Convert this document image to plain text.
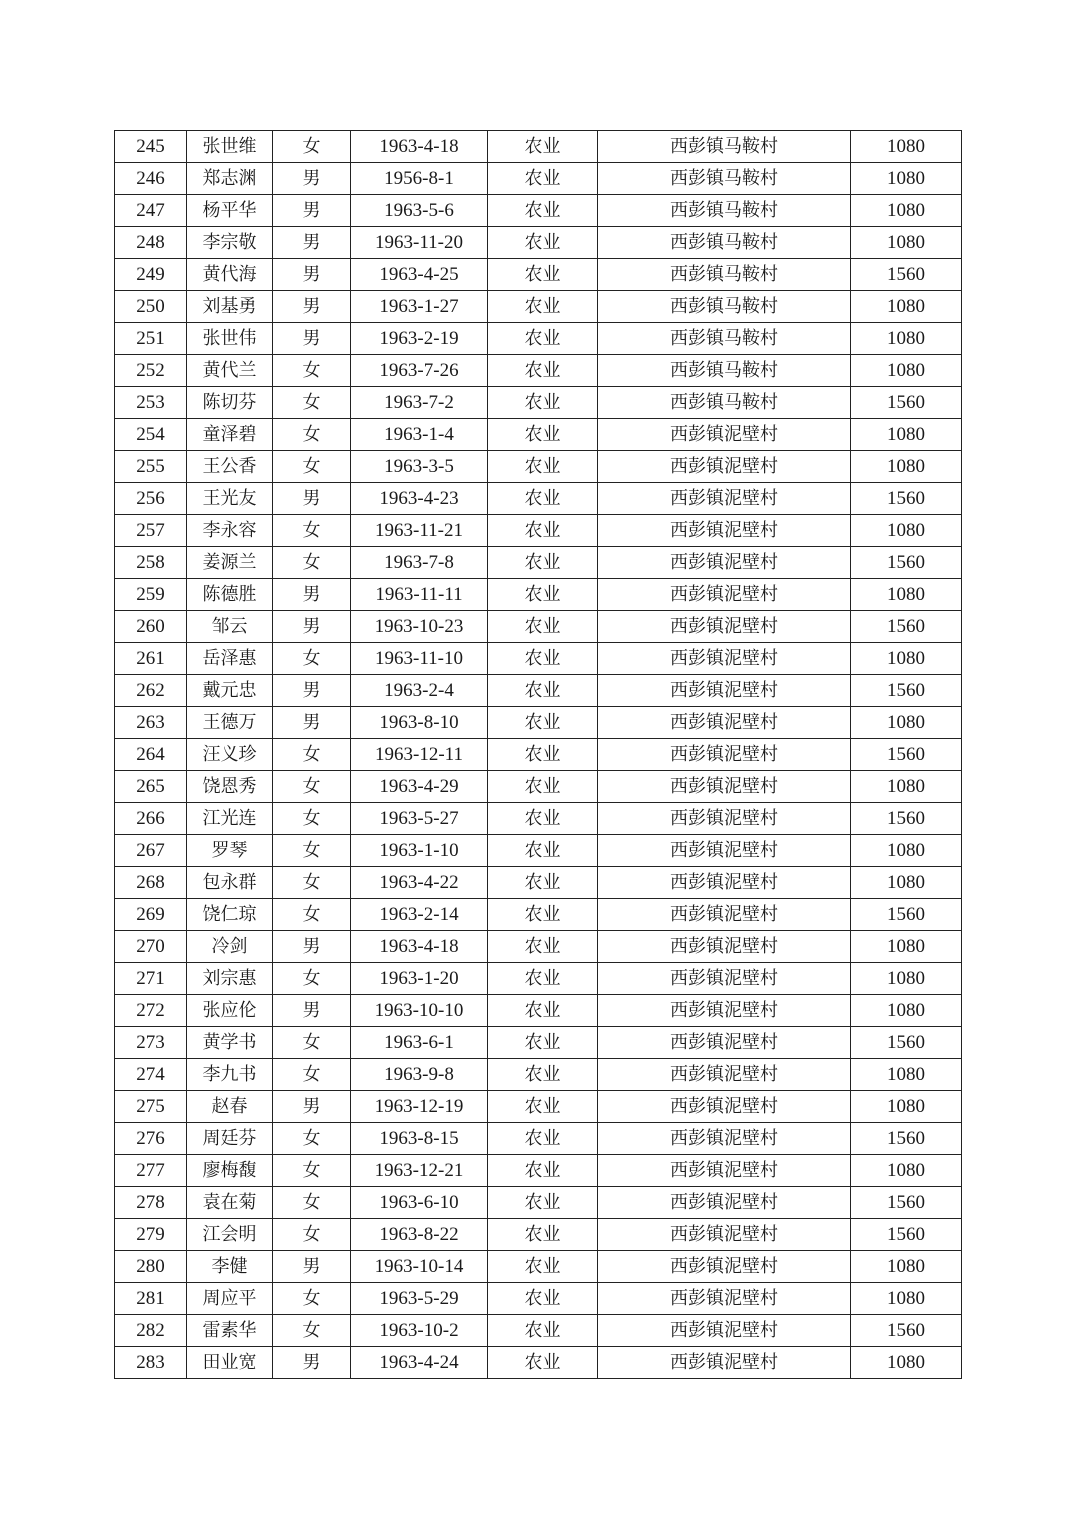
245	张世维	女	1963-4-18	农业	西彭镇马鞍村	1080
246	郑志渊	男	1956-8-1	农业	西彭镇马鞍村	1080
247	杨平华	男	1963-5-6	农业	西彭镇马鞍村	1080
248	李宗敬	男	1963-11-20	农业	西彭镇马鞍村	1080
249	黄代海	男	1963-4-25	农业	西彭镇马鞍村	1560
250	刘基勇	男	1963-1-27	农业	西彭镇马鞍村	1080
251	张世伟	男	1963-2-19	农业	西彭镇马鞍村	1080
252	黄代兰	女	1963-7-26	农业	西彭镇马鞍村	1080
253	陈切芬	女	1963-7-2	农业	西彭镇马鞍村	1560
254	童泽碧	女	1963-1-4	农业	西彭镇泥壁村	1080
255	王公香	女	1963-3-5	农业	西彭镇泥壁村	1080
256	王光友	男	1963-4-23	农业	西彭镇泥壁村	1560
257	李永容	女	1963-11-21	农业	西彭镇泥壁村	1080
258	姜源兰	女	1963-7-8	农业	西彭镇泥壁村	1560
259	陈德胜	男	1963-11-11	农业	西彭镇泥壁村	1080
260	邹云	男	1963-10-23	农业	西彭镇泥壁村	1560
261	岳泽惠	女	1963-11-10	农业	西彭镇泥壁村	1080
262	戴元忠	男	1963-2-4	农业	西彭镇泥壁村	1560
263	王德万	男	1963-8-10	农业	西彭镇泥壁村	1080
264	汪义珍	女	1963-12-11	农业	西彭镇泥壁村	1560
265	饶恩秀	女	1963-4-29	农业	西彭镇泥壁村	1080
266	江光连	女	1963-5-27	农业	西彭镇泥壁村	1560
267	罗琴	女	1963-1-10	农业	西彭镇泥壁村	1080
268	包永群	女	1963-4-22	农业	西彭镇泥壁村	1080
269	饶仁琼	女	1963-2-14	农业	西彭镇泥壁村	1560
270	冷剑	男	1963-4-18	农业	西彭镇泥壁村	1080
271	刘宗惠	女	1963-1-20	农业	西彭镇泥壁村	1080
272	张应伦	男	1963-10-10	农业	西彭镇泥壁村	1080
273	黄学书	女	1963-6-1	农业	西彭镇泥壁村	1560
274	李九书	女	1963-9-8	农业	西彭镇泥壁村	1080
275	赵春	男	1963-12-19	农业	西彭镇泥壁村	1080
276	周廷芬	女	1963-8-15	农业	西彭镇泥壁村	1560
277	廖梅馥	女	1963-12-21	农业	西彭镇泥壁村	1080
278	袁在菊	女	1963-6-10	农业	西彭镇泥壁村	1560
279	江会明	女	1963-8-22	农业	西彭镇泥壁村	1560
280	李健	男	1963-10-14	农业	西彭镇泥壁村	1080
281	周应平	女	1963-5-29	农业	西彭镇泥壁村	1080
282	雷素华	女	1963-10-2	农业	西彭镇泥壁村	1560
283	田业宽	男	1963-4-24	农业	西彭镇泥壁村	1080
